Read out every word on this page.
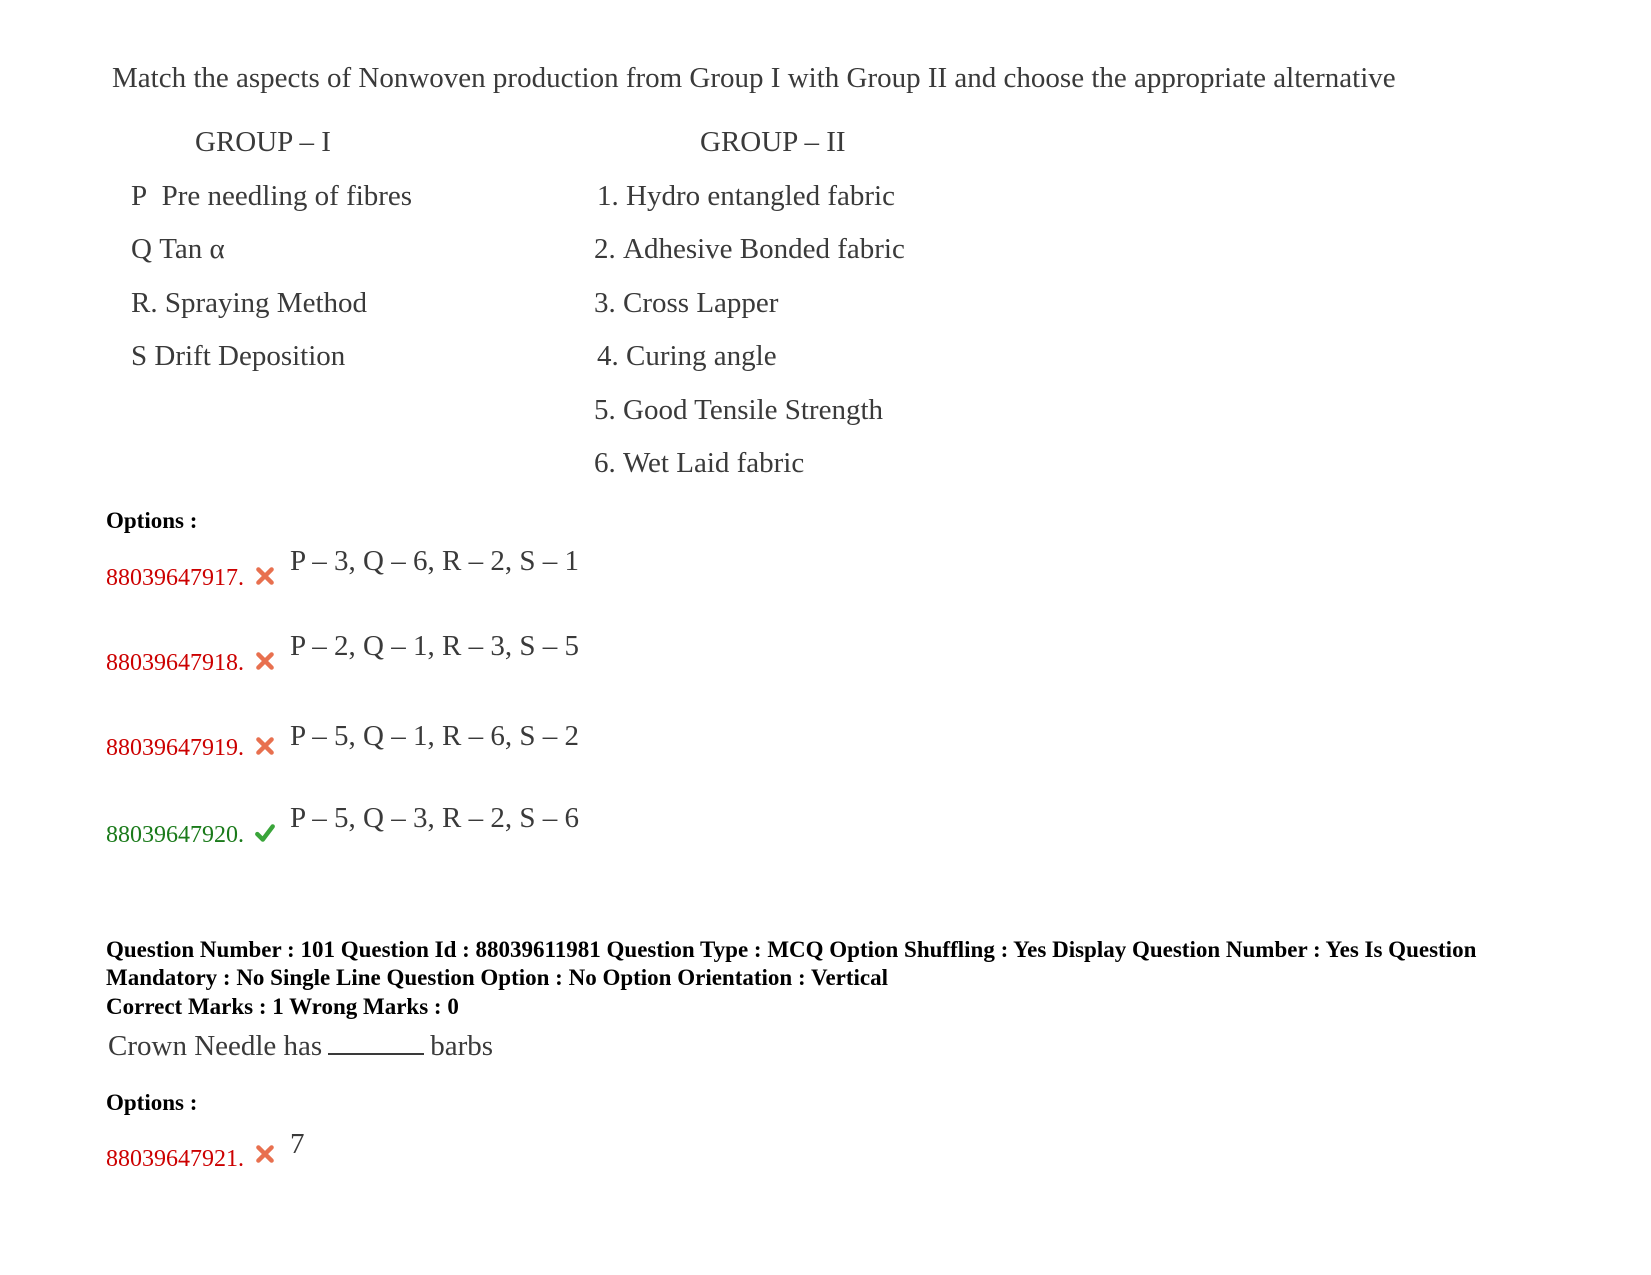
Match the aspects of Nonwoven production from Group I with Group II and choose the appropriate alternative
GROUP – I	GROUP – II
P Pre needling of fibres
Q Tan α
R. Spraying Method
S Drift Deposition
1. Hydro entangled fabric
2. Adhesive Bonded fabric
3. Cross Lapper
4. Curing angle
5. Good Tensile Strength
6. Wet Laid fabric
Options :
88039647917.
P – 3, Q – 6, R – 2, S – 1
88039647918.
P – 2, Q – 1, R – 3, S – 5
88039647919. P – 5, Q – 1, R – 6, S – 2
88039647920.
P – 5, Q – 3, R – 2, S – 6
Question Number : 101 Question Id : 88039611981 Question Type : MCQ Option Shuffling : Yes Display Question Number : Yes Is Question Mandatory : No Single Line Question Option : No Option Orientation : Vertical
Correct Marks : 1 Wrong Marks : 0
Crown Needle has	barbs
Options :
88039647921. 7
